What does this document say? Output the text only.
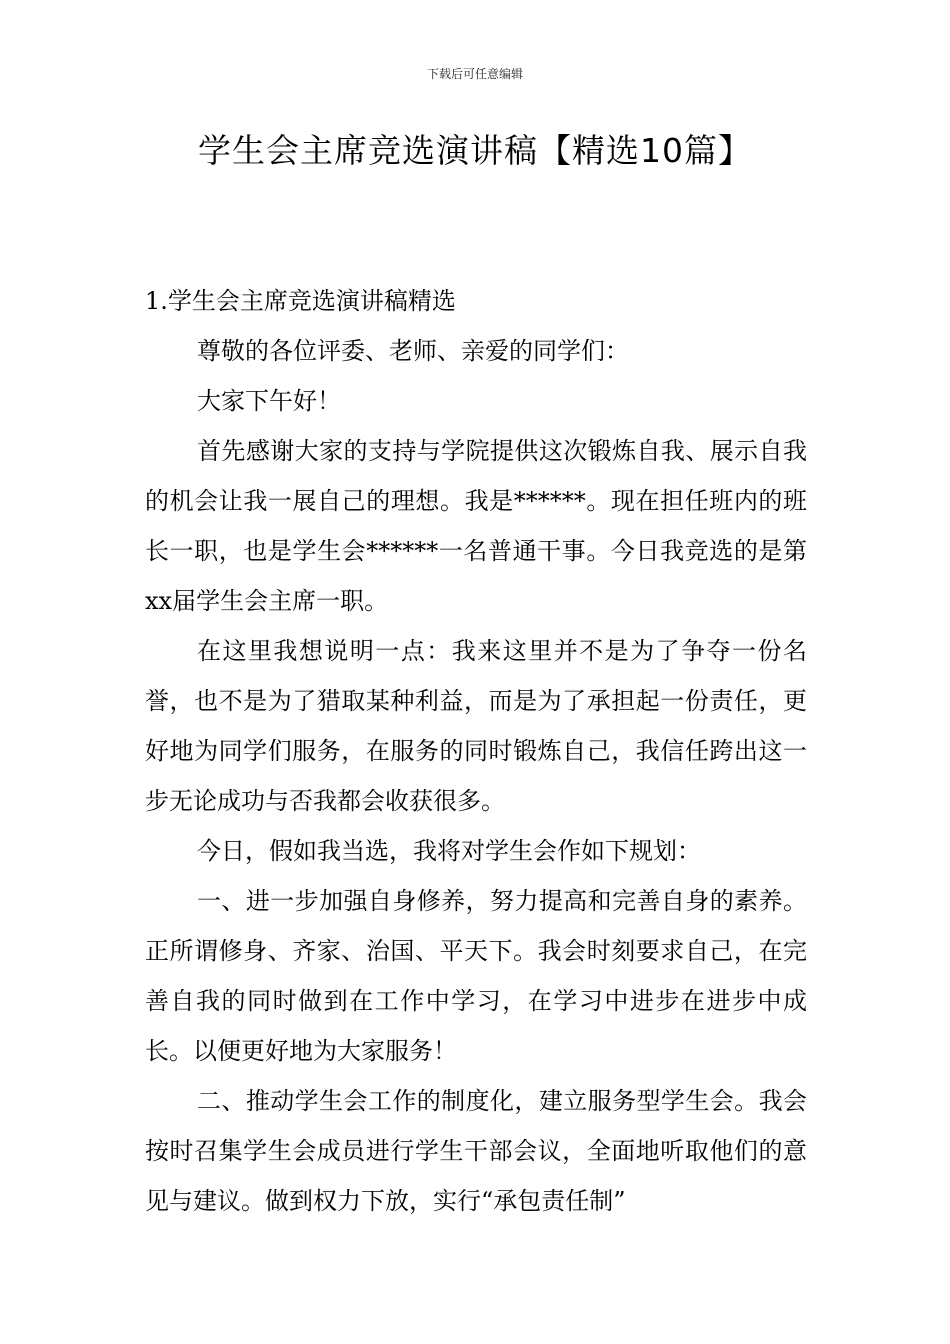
下载后可任意编辑
学生会主席竞选演讲稿【精选10篇】

1.学生会主席竞选演讲稿精选

尊敬的各位评委、老师、亲爱的同学们：

大家下午好！

首先感谢大家的支持与学院提供这次锻炼自我、展示自我的机会让我一展自己的理想。我是******。现在担任班内的班长一职，也是学生会******一名普通干事。今日我竞选的是第xx届学生会主席一职。

在这里我想说明一点：我来这里并不是为了争夺一份名誉，也不是为了猎取某种利益，而是为了承担起一份责任，更好地为同学们服务，在服务的同时锻炼自己，我信任跨出这一步无论成功与否我都会收获很多。

今日，假如我当选，我将对学生会作如下规划：

一、进一步加强自身修养，努力提高和完善自身的素养。正所谓修身、齐家、治国、平天下。我会时刻要求自己，在完善自我的同时做到在工作中学习，在学习中进步在进步中成长。以便更好地为大家服务！

二、推动学生会工作的制度化，建立服务型学生会。我会按时召集学生会成员进行学生干部会议，全面地听取他们的意见与建议。做到权力下放，实行“承包责任制”
